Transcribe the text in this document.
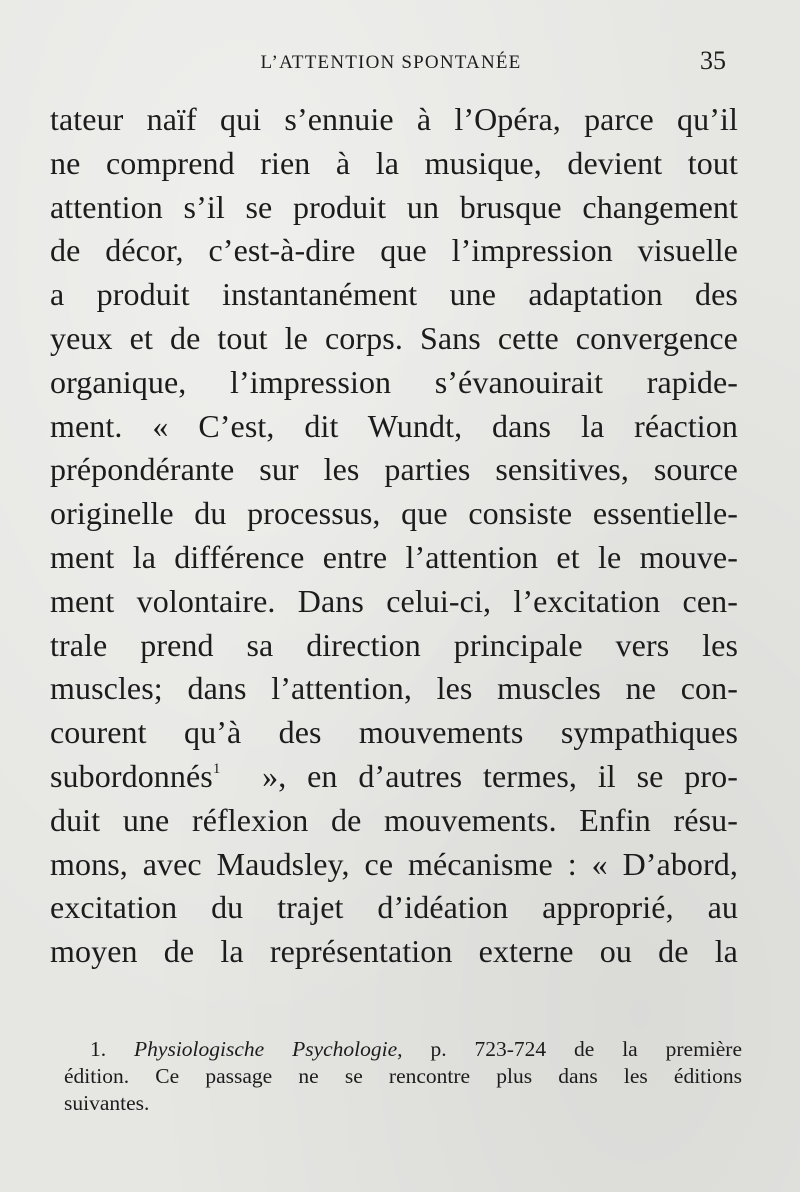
L’ATTENTION SPONTANÉE	35
tateur naïf qui s’ennuie à l’Opéra, parce qu’il
ne comprend rien à la musique, devient tout
attention s’il se produit un brusque changement
de décor, c’est-à-dire que l’impression visuelle
a produit instantanément une adaptation des
yeux et de tout le corps. Sans cette convergence
organique, l’impression s’évanouirait rapide-
ment. « C’est, dit Wundt, dans la réaction
prépondérante sur les parties sensitives, source
originelle du processus, que consiste essentielle-
ment la différence entre l’attention et le mouve-
ment volontaire. Dans celui-ci, l’excitation cen-
trale prend sa direction principale vers les
muscles; dans l’attention, les muscles ne con-
courent qu’à des mouvements sympathiques
subordonnés$^1$ », en d’autres termes, il se pro-
duit une réflexion de mouvements. Enfin résu-
mons, avec Maudsley, ce mécanisme : « D’abord,
excitation du trajet d’idéation approprié, au
moyen de la représentation externe ou de la
1. Physiologische Psychologie, p. 723-724 de la première
édition. Ce passage ne se rencontre plus dans les éditions
suivantes.
